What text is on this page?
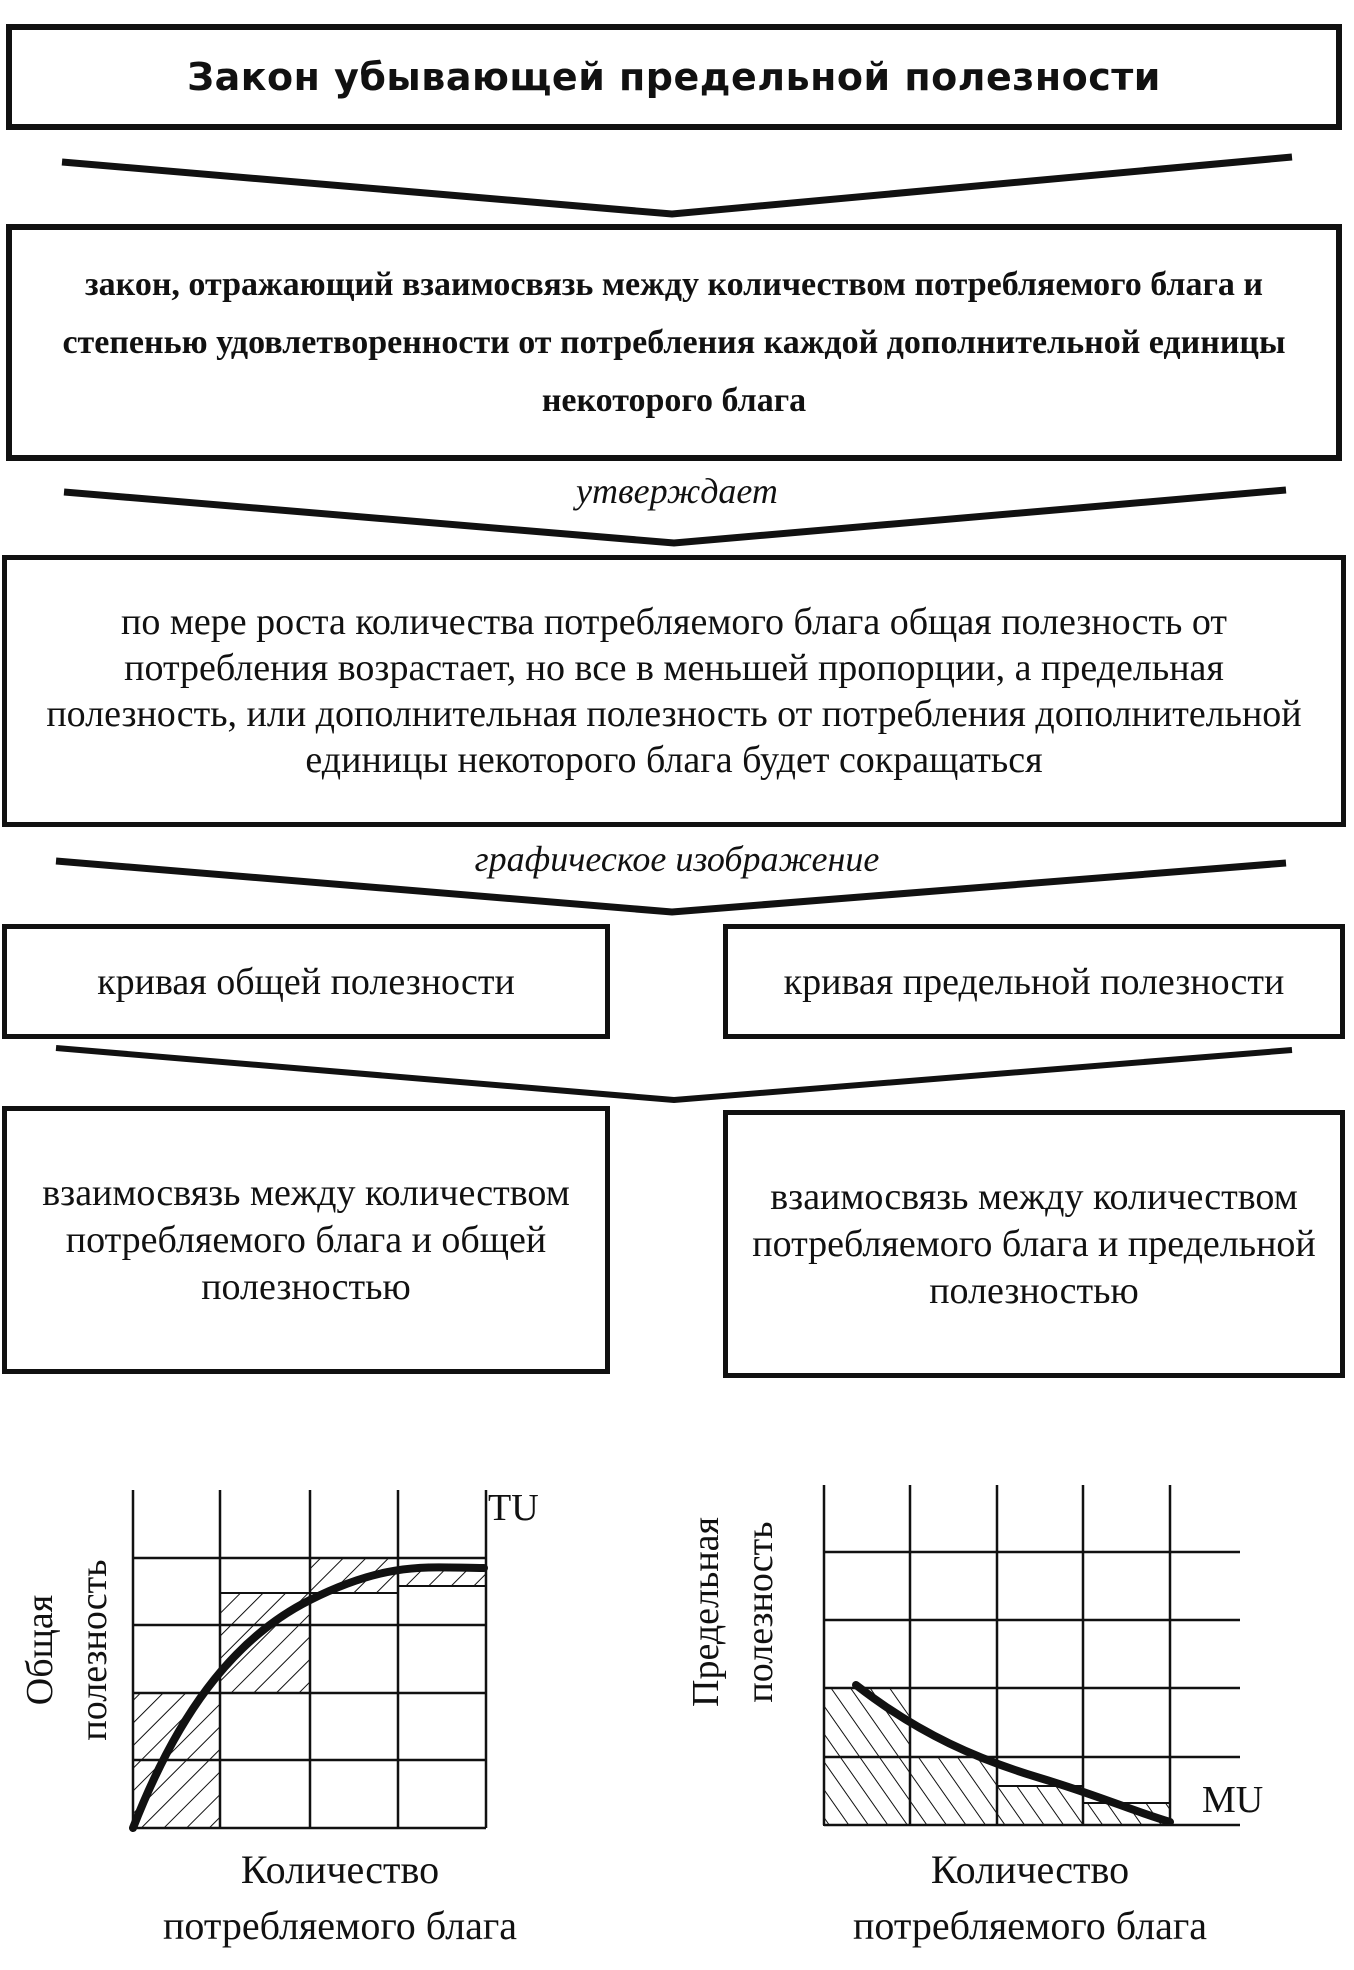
Закон убывающей предельной полезности
закон, отражающий взаимосвязь между количеством потребляемого блага и степенью удовлетворенности от потребления каждой дополнительной единицы некоторого блага
утверждает
по мере роста количества потребляемого блага общая полезность от потребления возрастает, но все в меньшей пропорции, а предельная полезность, или дополнительная полезность от потребления дополнительной единицы некоторого блага будет сокращаться
графическое изображение
кривая общей полезности	кривая предельной полезности
взаимосвязь между количеством потребляемого блага и общей полезностью
взаимосвязь между количеством потребляемого блага и предельной полезностью
TU
Общая полезность
MU
Предельная полезность
Количество
потребляемого блага
Количество
потребляемого блага
